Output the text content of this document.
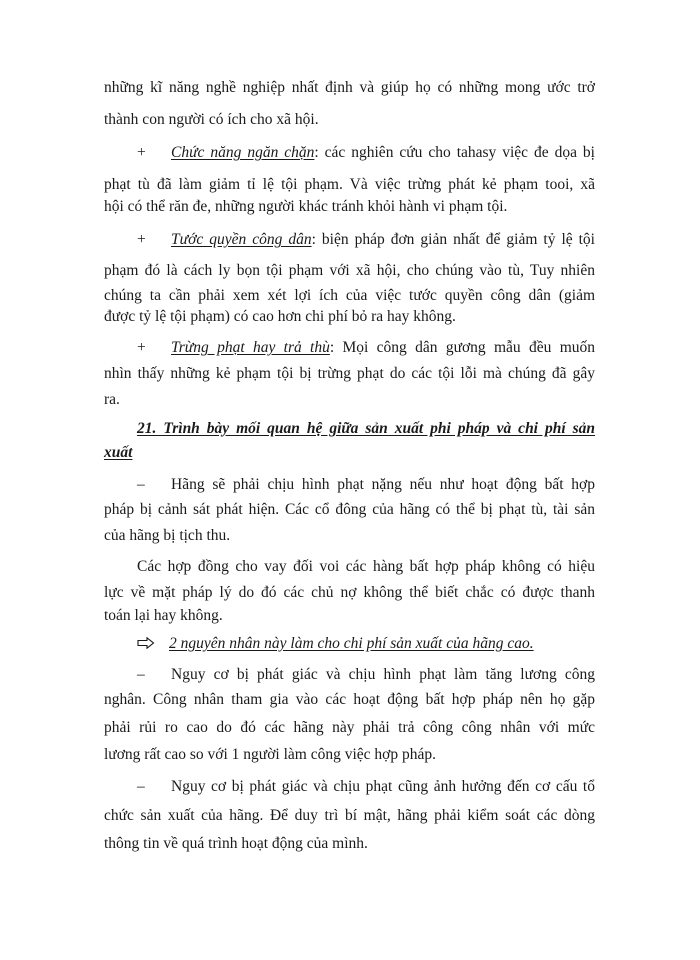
những kĩ năng nghề nghiệp nhất định và giúp họ có những mong ước trở
thành con người có ích cho xã hội.
+ Chức năng ngăn chặn: các nghiên cứu cho tahasy việc đe dọa bị
phạt tù đã làm giảm tỉ lệ tội phạm. Và việc trừng phát kẻ phạm tooi, xã
hội có thể răn đe, những người khác tránh khỏi hành vi phạm tội.
+ Tước quyền công dân: biện pháp đơn giản nhất để giảm tỷ lệ tội
phạm đó là cách ly bọn tội phạm với xã hội, cho chúng vào tù, Tuy nhiên
chúng ta cần phải xem xét lợi ích của việc tước quyền công dân (giảm
được tỷ lệ tội phạm) có cao hơn chi phí bỏ ra hay không.
+ Trừng phạt hay trả thù: Mọi công dân gương mẫu đều muốn
nhìn thấy những kẻ phạm tội bị trừng phạt do các tội lỗi mà chúng đã gây
ra.
21. Trình bày mối quan hệ giữa sản xuất phi pháp và chi phí sản
xuất
– Hãng sẽ phải chịu hình phạt nặng nếu như hoạt động bất hợp
pháp bị cảnh sát phát hiện. Các cổ đông của hãng có thể bị phạt tù, tài sản
của hãng bị tịch thu.
Các hợp đồng cho vay đối voi các hàng bất hợp pháp không có hiệu
lực về mặt pháp lý do đó các chủ nợ không thể biết chắc có được thanh
toán lại hay không.
2 nguyên nhân này làm cho chi phí sản xuất của hãng cao.
– Nguy cơ bị phát giác và chịu hình phạt làm tăng lương công
nghân. Công nhân tham gia vào các hoạt động bất hợp pháp nên họ gặp
phải rủi ro cao do đó các hãng này phải trả công công nhân với mức
lương rất cao so với 1 người làm công việc hợp pháp.
– Nguy cơ bị phát giác và chịu phạt cũng ảnh hưởng đến cơ cấu tổ
chức sản xuất của hãng. Để duy trì bí mật, hãng phải kiểm soát các dòng
thông tin về quá trình hoạt động của mình.
